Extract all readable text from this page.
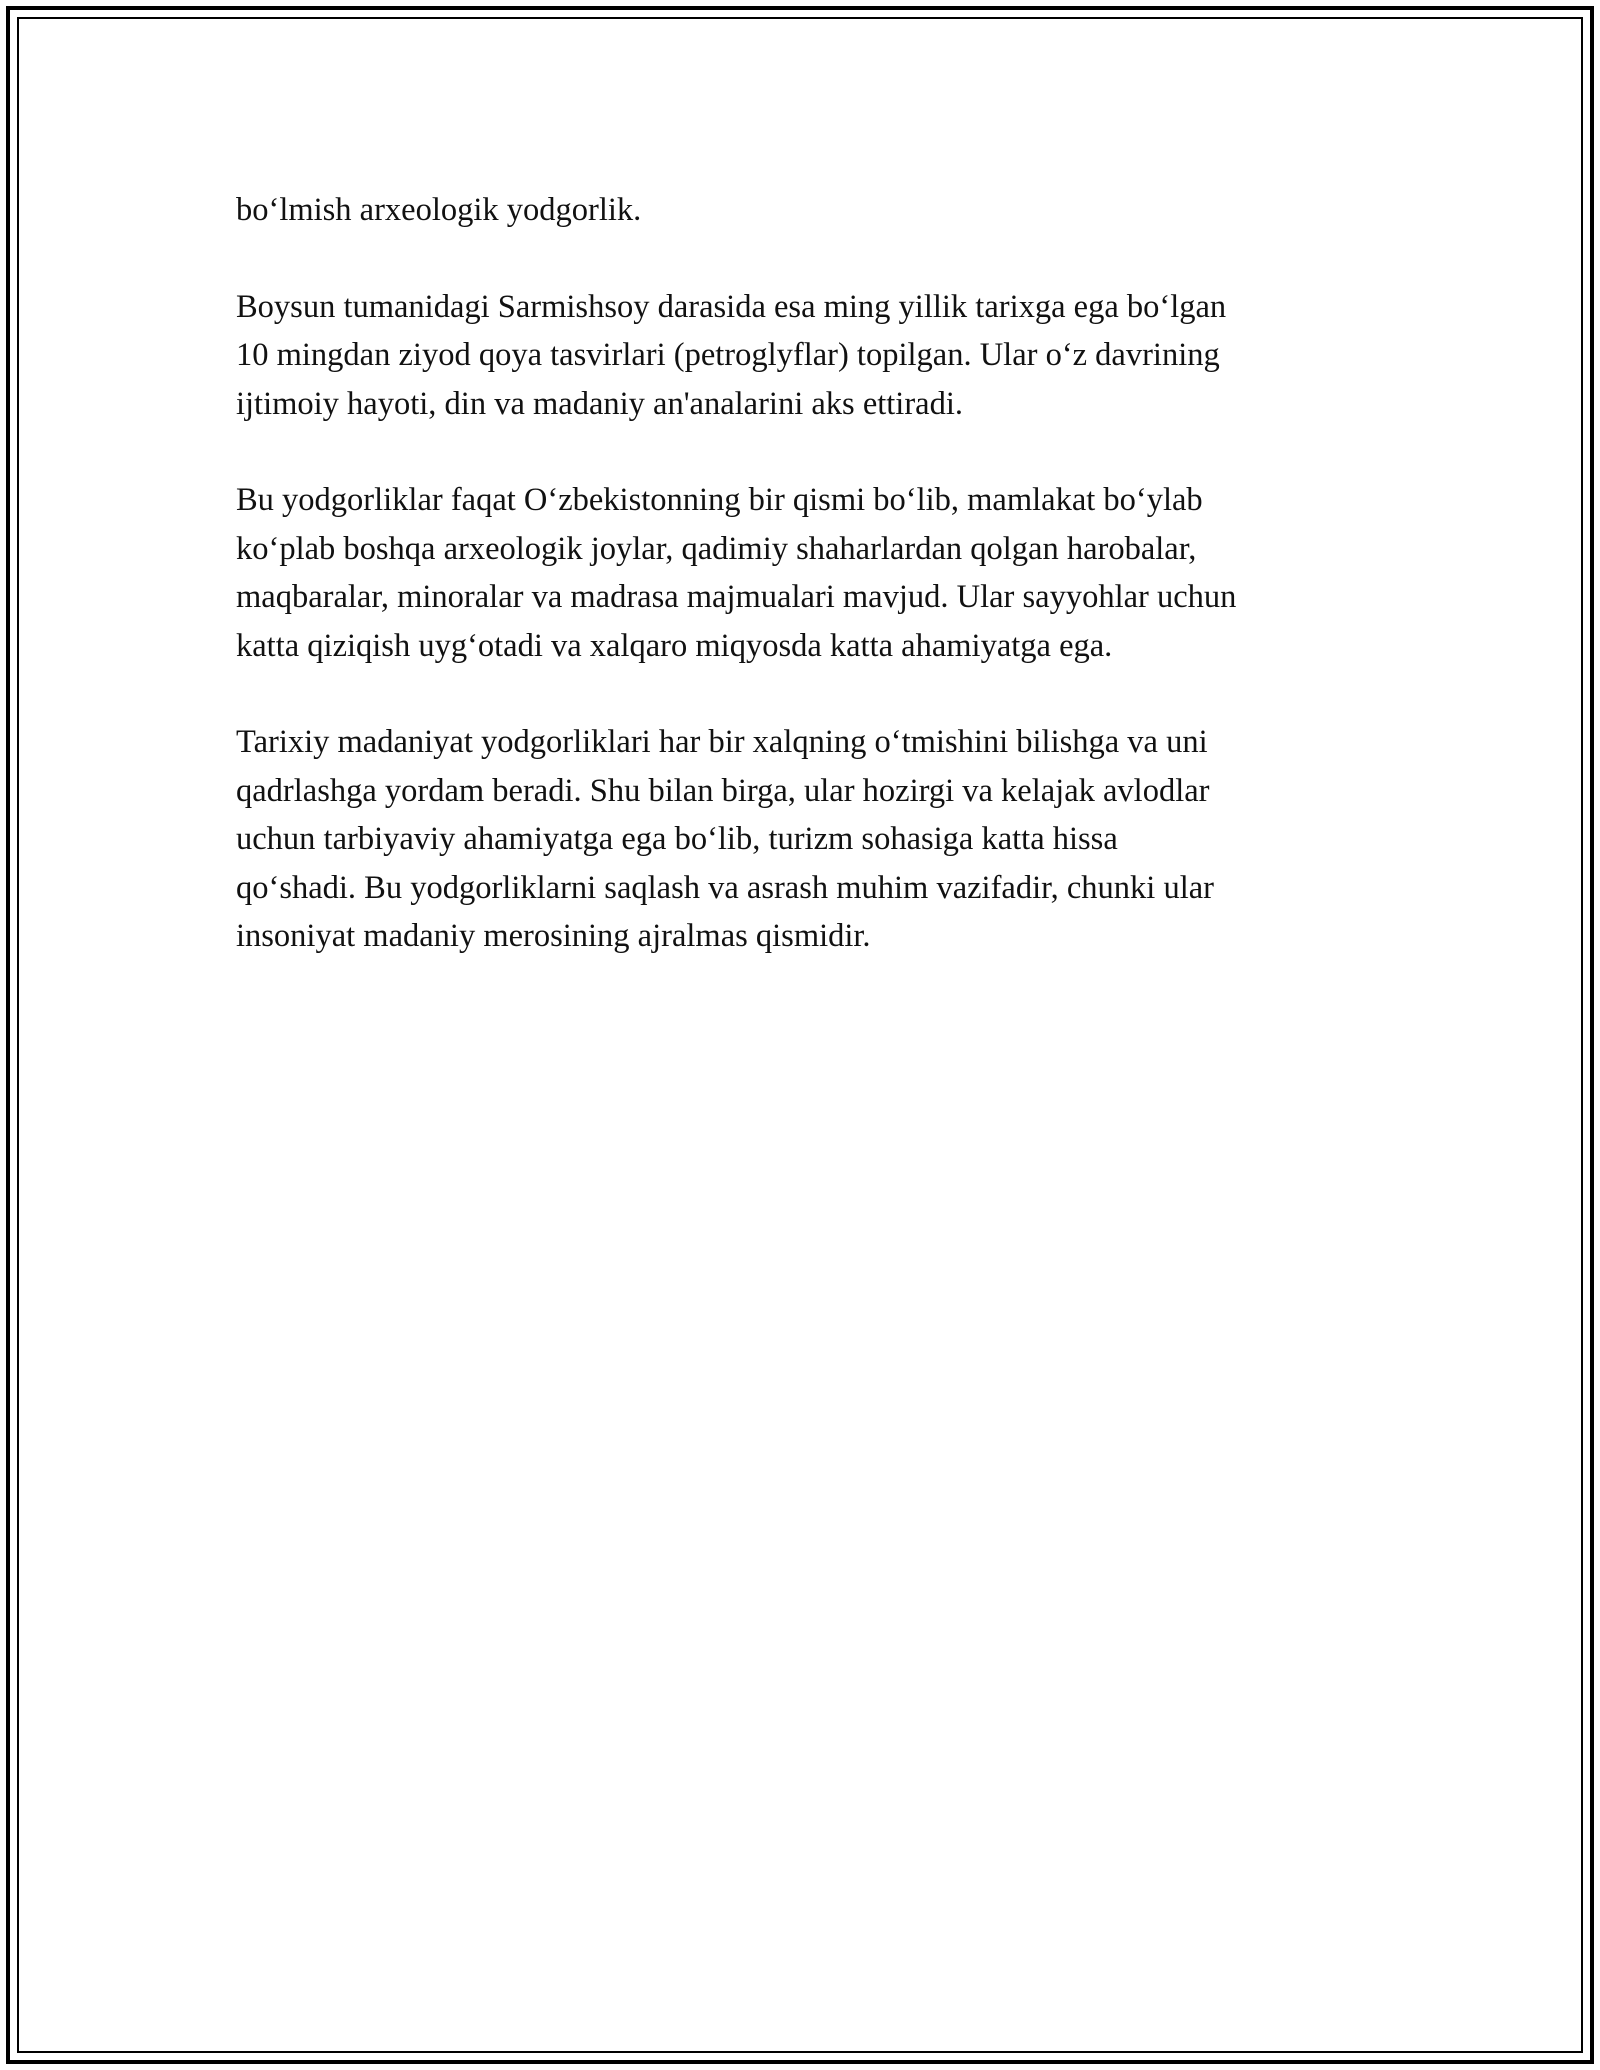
bo‘lmish arxeologik yodgorlik.

Boysun tumanidagi Sarmishsoy darasida esa ming yillik tarixga ega bo‘lgan
10 mingdan ziyod qoya tasvirlari (petroglyflar) topilgan. Ular o‘z davrining
ijtimoiy hayoti, din va madaniy an'analarini aks ettiradi.

Bu yodgorliklar faqat O‘zbekistonning bir qismi bo‘lib, mamlakat bo‘ylab
ko‘plab boshqa arxeologik joylar, qadimiy shaharlardan qolgan harobalar,
maqbaralar, minoralar va madrasa majmualari mavjud. Ular sayyohlar uchun
katta qiziqish uyg‘otadi va xalqaro miqyosda katta ahamiyatga ega.

Tarixiy madaniyat yodgorliklari har bir xalqning o‘tmishini bilishga va uni
qadrlashga yordam beradi. Shu bilan birga, ular hozirgi va kelajak avlodlar
uchun tarbiyaviy ahamiyatga ega bo‘lib, turizm sohasiga katta hissa
qo‘shadi. Bu yodgorliklarni saqlash va asrash muhim vazifadir, chunki ular
insoniyat madaniy merosining ajralmas qismidir.
